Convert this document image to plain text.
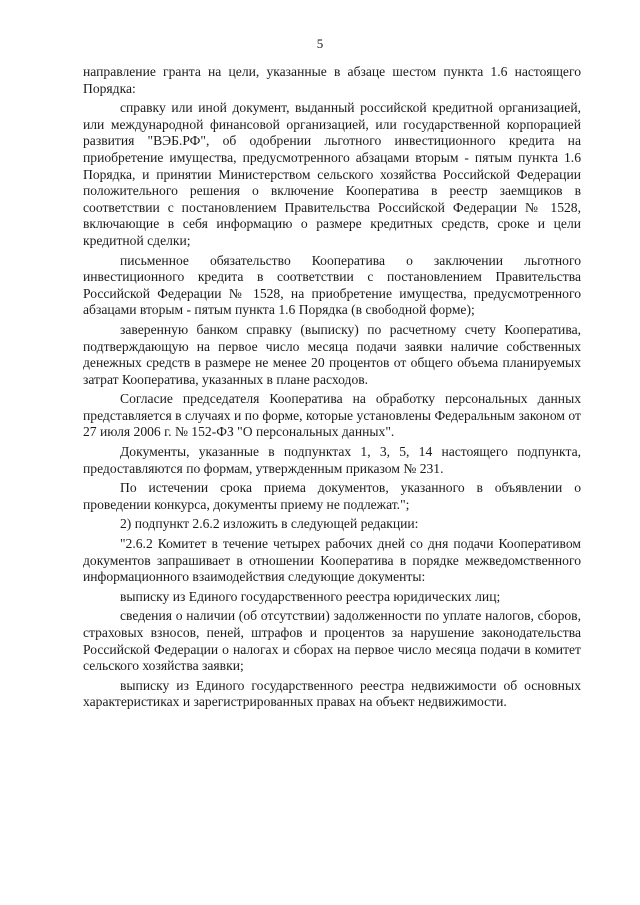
5

направление гранта на цели, указанные в абзаце шестом пункта 1.6 настоящего Порядка:

справку или иной документ, выданный российской кредитной организацией, или международной финансовой организацией, или государственной корпорацией развития "ВЭБ.РФ", об одобрении льготного инвестиционного кредита на приобретение имущества, предусмотренного абзацами вторым - пятым пункта 1.6 Порядка, и принятии Министерством сельского хозяйства Российской Федерации положительного решения о включение Кооператива в реестр заемщиков в соответствии с постановлением Правительства Российской Федерации № 1528, включающие в себя информацию о размере кредитных средств, сроке и цели кредитной сделки;

письменное обязательство Кооператива о заключении льготного инвестиционного кредита в соответствии с постановлением Правительства Российской Федерации № 1528, на приобретение имущества, предусмотренного абзацами вторым - пятым пункта 1.6 Порядка (в свободной форме);

заверенную банком справку (выписку) по расчетному счету Кооператива, подтверждающую на первое число месяца подачи заявки наличие собственных денежных средств в размере не менее 20 процентов от общего объема планируемых затрат Кооператива, указанных в плане расходов.

Согласие председателя Кооператива на обработку персональных данных представляется в случаях и по форме, которые установлены Федеральным законом от 27 июля 2006 г. № 152-ФЗ "О персональных данных".

Документы, указанные в подпунктах 1, 3, 5, 14 настоящего подпункта, предоставляются по формам, утвержденным приказом № 231.

По истечении срока приема документов, указанного в объявлении о проведении конкурса, документы приему не подлежат.";

2) подпункт 2.6.2 изложить в следующей редакции:

"2.6.2 Комитет в течение четырех рабочих дней со дня подачи Кооперативом документов запрашивает в отношении Кооператива в порядке межведомственного информационного взаимодействия следующие документы:

выписку из Единого государственного реестра юридических лиц;

сведения о наличии (об отсутствии) задолженности по уплате налогов, сборов, страховых взносов, пеней, штрафов и процентов за нарушение законодательства Российской Федерации о налогах и сборах на первое число месяца подачи в комитет сельского хозяйства заявки;

выписку из Единого государственного реестра недвижимости об основных характеристиках и зарегистрированных правах на объект недвижимости.
